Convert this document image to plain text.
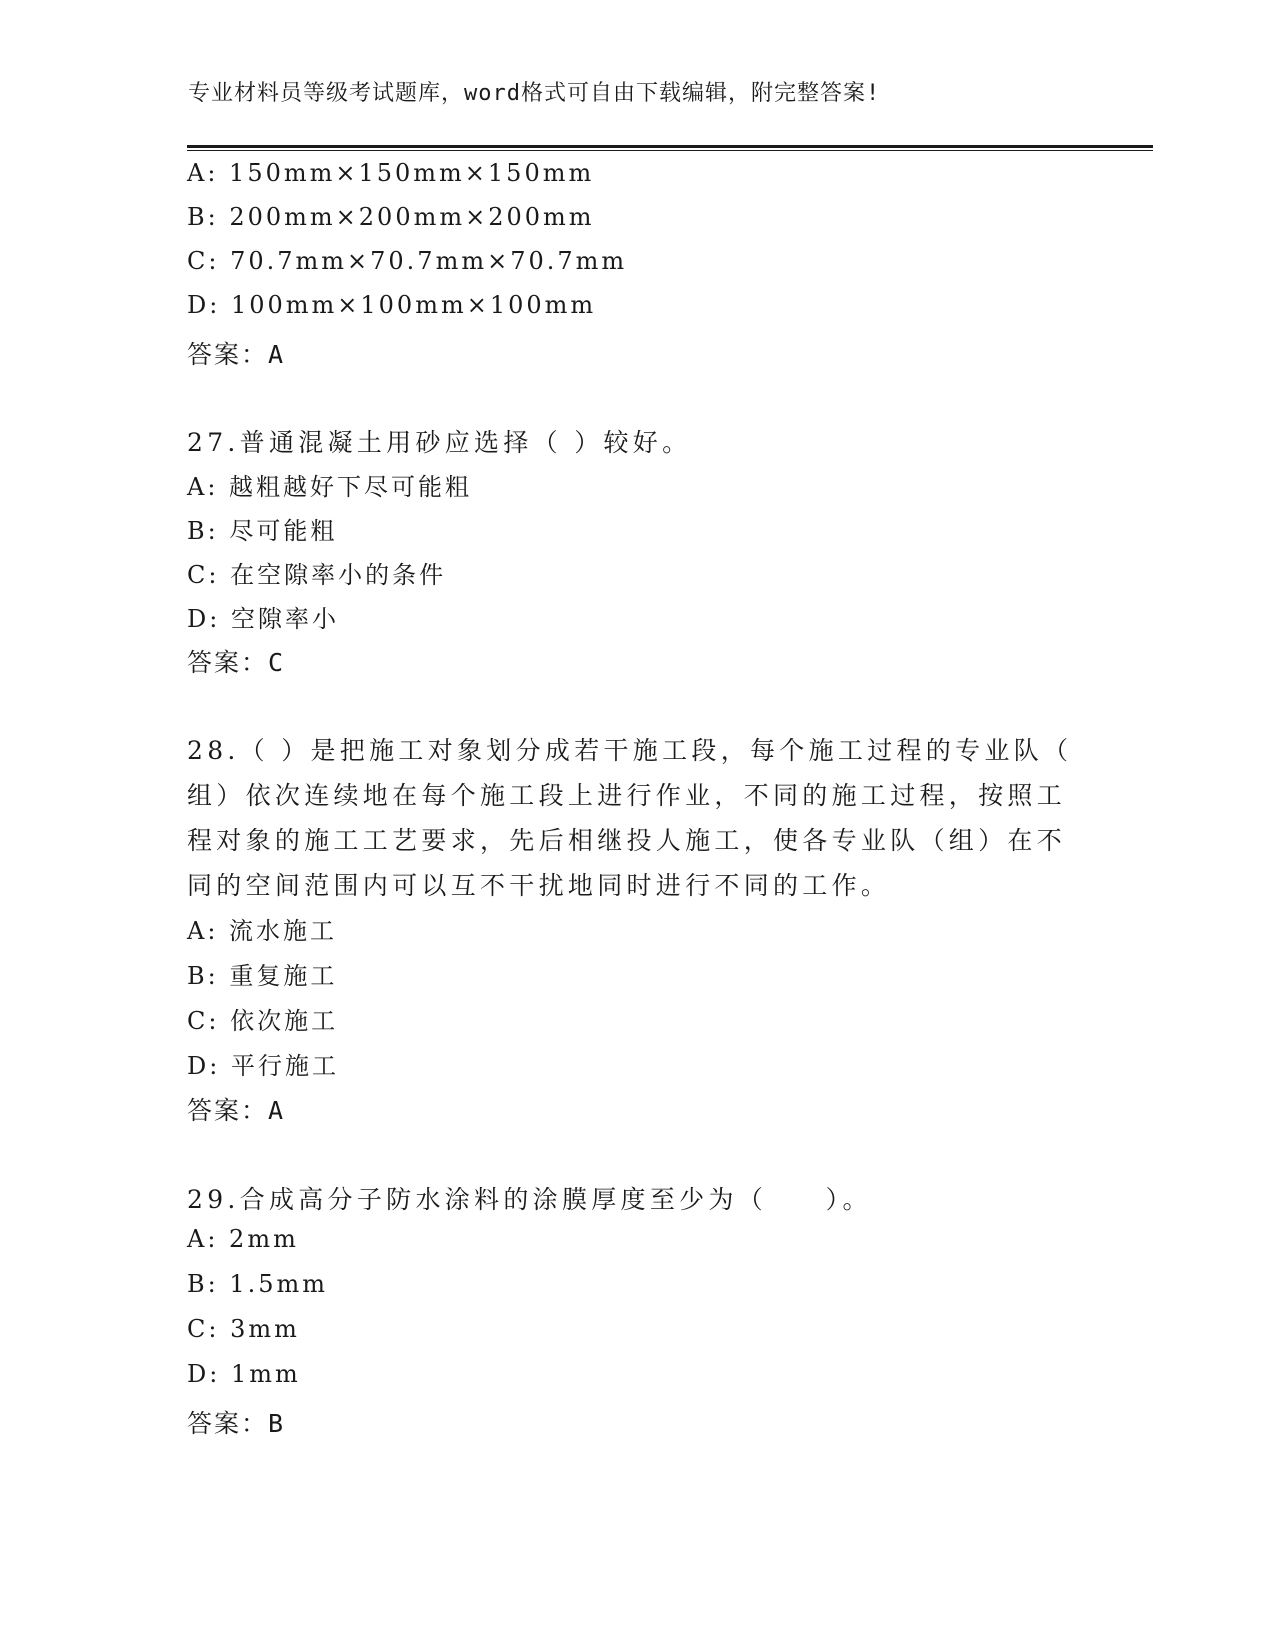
专业材料员等级考试题库，word格式可自由下载编辑，附完整答案!
A: 150mm×150mm×150mm
B: 200mm×200mm×200mm
C: 70.7mm×70.7mm×70.7mm
D: 100mm×100mm×100mm
答案：A
27.普通混凝土用砂应选择（ ）较好。
A: 越粗越好下尽可能粗
B: 尽可能粗
C: 在空隙率小的条件
D: 空隙率小
答案：C
28.（ ）是把施工对象划分成若干施工段，每个施工过程的专业队（
组）依次连续地在每个施工段上进行作业，不同的施工过程，按照工
程对象的施工工艺要求，先后相继投人施工，使各专业队（组）在不
同的空间范围内可以互不干扰地同时进行不同的工作。
A: 流水施工
B: 重复施工
C: 依次施工
D: 平行施工
答案：A
29.合成高分子防水涂料的涂膜厚度至少为（　　）。
A: 2mm
B: 1.5mm
C: 3mm
D: 1mm
答案：B
